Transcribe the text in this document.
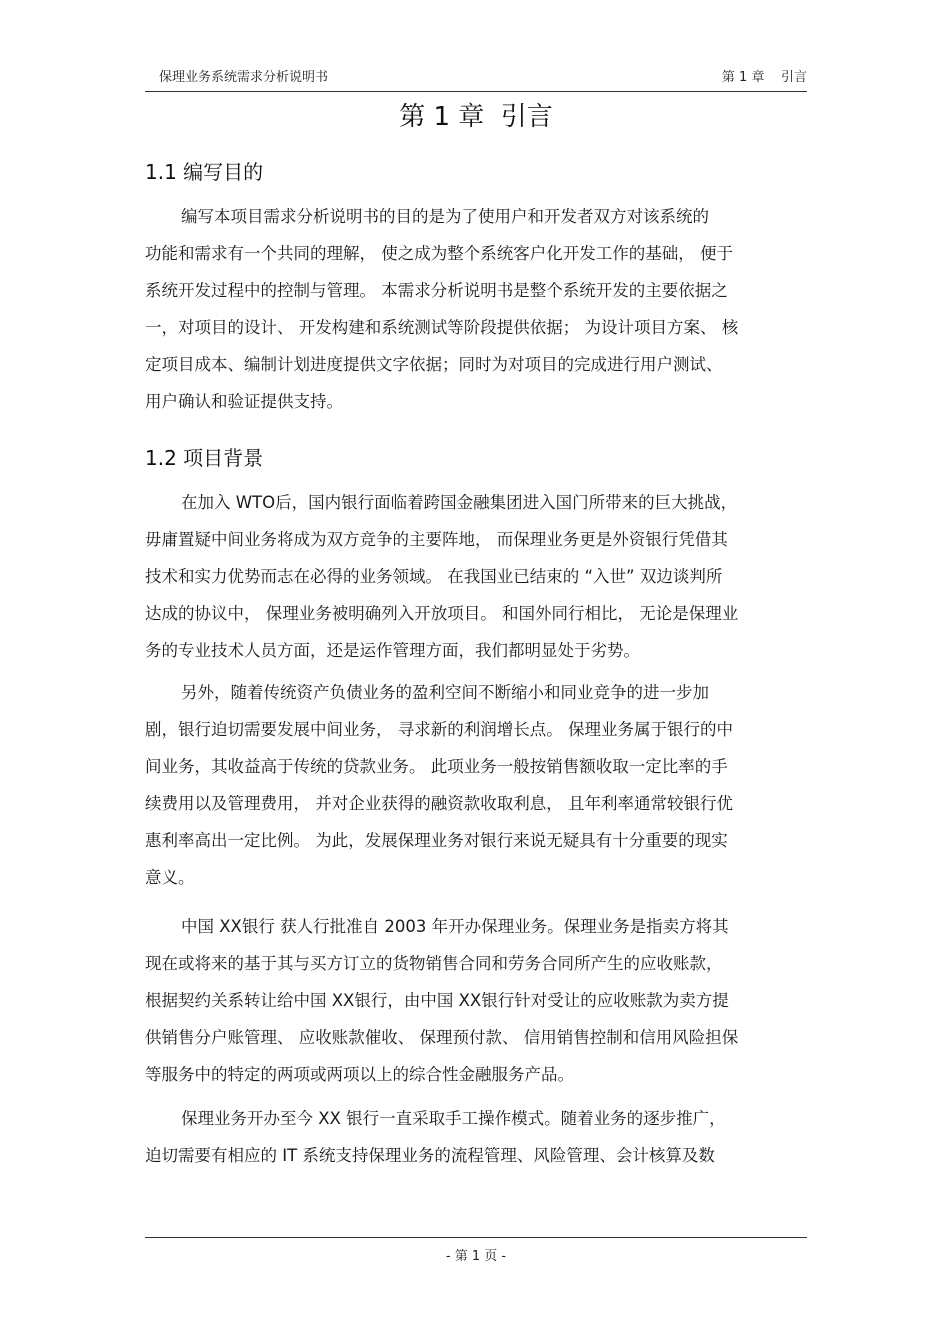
保理业务系统需求分析说明书	第 1 章    引言
第 1 章  引言
1.1 编写目的
编写本项目需求分析说明书的目的是为了使用户和开发者双方对该系统的
功能和需求有一个共同的理解， 使之成为整个系统客户化开发工作的基础， 便于
系统开发过程中的控制与管理。 本需求分析说明书是整个系统开发的主要依据之
一，对项目的设计、 开发构建和系统测试等阶段提供依据； 为设计项目方案、 核
定项目成本、编制计划进度提供文字依据；同时为对项目的完成进行用户测试、
用户确认和验证提供支持。
1.2 项目背景
在加入 WTO后，国内银行面临着跨国金融集团进入国门所带来的巨大挑战，
毋庸置疑中间业务将成为双方竞争的主要阵地， 而保理业务更是外资银行凭借其
技术和实力优势而志在必得的业务领域。 在我国业已结束的 “入世” 双边谈判所
达成的协议中， 保理业务被明确列入开放项目。 和国外同行相比， 无论是保理业
务的专业技术人员方面，还是运作管理方面，我们都明显处于劣势。
另外，随着传统资产负债业务的盈利空间不断缩小和同业竞争的进一步加
剧，银行迫切需要发展中间业务， 寻求新的利润增长点。 保理业务属于银行的中
间业务，其收益高于传统的贷款业务。 此项业务一般按销售额收取一定比率的手
续费用以及管理费用， 并对企业获得的融资款收取利息， 且年利率通常较银行优
惠利率高出一定比例。 为此，发展保理业务对银行来说无疑具有十分重要的现实
意义。
中国 XX银行 获人行批准自 2003 年开办保理业务。保理业务是指卖方将其
现在或将来的基于其与买方订立的货物销售合同和劳务合同所产生的应收账款，
根据契约关系转让给中国 XX银行，由中国 XX银行针对受让的应收账款为卖方提
供销售分户账管理、 应收账款催收、 保理预付款、 信用销售控制和信用风险担保
等服务中的特定的两项或两项以上的综合性金融服务产品。
保理业务开办至今 XX 银行一直采取手工操作模式。随着业务的逐步推广，
迫切需要有相应的 IT 系统支持保理业务的流程管理、风险管理、会计核算及数
- 第 1 页 -
